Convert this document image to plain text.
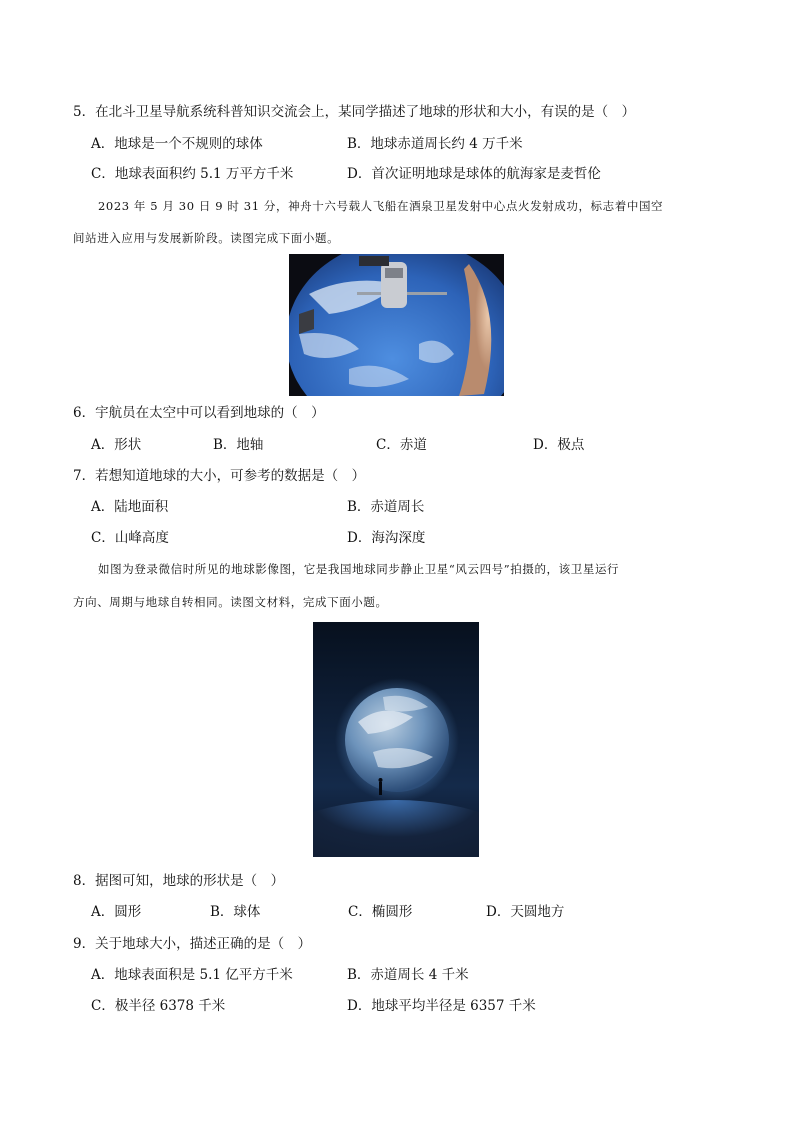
5．在北斗卫星导航系统科普知识交流会上，某同学描述了地球的形状和大小，有误的是（　）
A．地球是一个不规则的球体	B．地球赤道周长约 4 万千米
C．地球表面积约 5.1 万平方千米	D．首次证明地球是球体的航海家是麦哲伦
2023 年 5 月 30 日 9 时 31 分，神舟十六号载人飞船在酒泉卫星发射中心点火发射成功，标志着中国空
间站进入应用与发展新阶段。读图完成下面小题。
6．宇航员在太空中可以看到地球的（　）
A．形状	B．地轴	C．赤道	D．极点
7．若想知道地球的大小，可参考的数据是（　）
A．陆地面积	B．赤道周长
C．山峰高度	D．海沟深度
如图为登录微信时所见的地球影像图，它是我国地球同步静止卫星“风云四号”拍摄的，该卫星运行
方向、周期与地球自转相同。读图文材料，完成下面小题。
8．据图可知，地球的形状是（　）
A．圆形	B．球体	C．椭圆形	D．天圆地方
9．关于地球大小，描述正确的是（　）
A．地球表面积是 5.1 亿平方千米	B．赤道周长 4 千米
C．极半径 6378 千米	D．地球平均半径是 6357 千米
